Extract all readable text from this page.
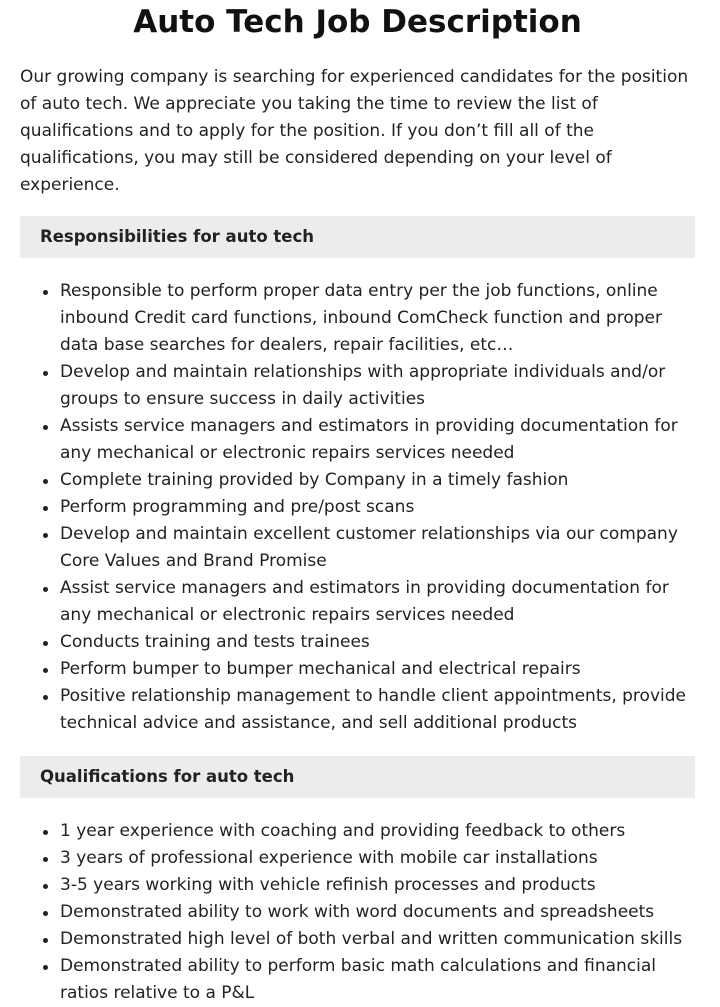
Auto Tech Job Description

Our growing company is searching for experienced candidates for the position of auto tech. We appreciate you taking the time to review the list of qualifications and to apply for the position. If you don’t fill all of the qualifications, you may still be considered depending on your level of experience.

Responsibilities for auto tech
Responsible to perform proper data entry per the job functions, online inbound Credit card functions, inbound ComCheck function and proper data base searches for dealers, repair facilities, etc…
Develop and maintain relationships with appropriate individuals and/or groups to ensure success in daily activities
Assists service managers and estimators in providing documentation for any mechanical or electronic repairs services needed
Complete training provided by Company in a timely fashion
Perform programming and pre/post scans
Develop and maintain excellent customer relationships via our company Core Values and Brand Promise
Assist service managers and estimators in providing documentation for any mechanical or electronic repairs services needed
Conducts training and tests trainees
Perform bumper to bumper mechanical and electrical repairs
Positive relationship management to handle client appointments, provide technical advice and assistance, and sell additional products
Qualifications for auto tech
1 year experience with coaching and providing feedback to others
3 years of professional experience with mobile car installations
3-5 years working with vehicle refinish processes and products
Demonstrated ability to work with word documents and spreadsheets
Demonstrated high level of both verbal and written communication skills
Demonstrated ability to perform basic math calculations and financial ratios relative to a P&L
